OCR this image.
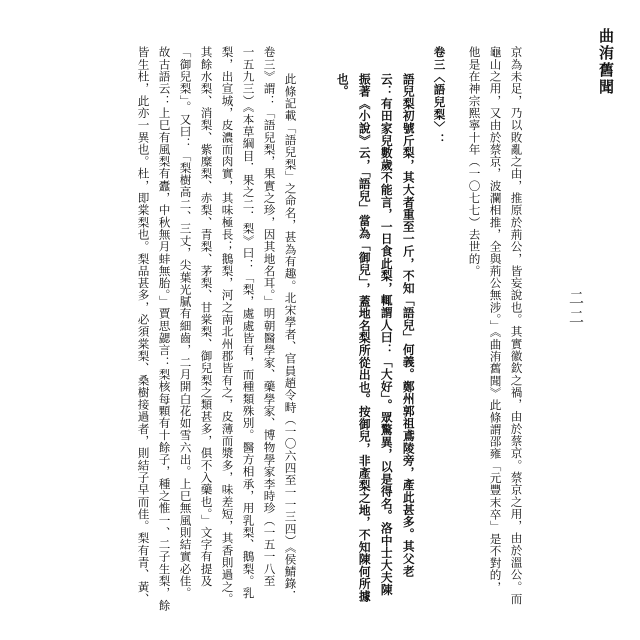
曲洧舊聞
二二
京為未足，乃以敗亂之由，推原於荊公，皆妄說也。其實徽欽之禍，由於蔡京。蔡京之用，由於溫公。而
龜山之用，又由於蔡京，波瀾相推，全與荊公無涉。」《曲洧舊聞》此條謂邵雍「元豐末卒」是不對的，
他是在神宗熙寧十年（一〇七七）去世的。
卷三〈語兒梨〉：
語兒梨初號斤梨，其大者重至一斤，不知「語兒」何義。鄭州郭祖鳶陵旁，產此甚多。其父老
云：有田家兒數歲不能言，一日食此梨，輒謂人曰：「大好」。眾驚異，以是得名。洛中士大夫陳
振著《小說》云，「語兒」當為「御兒」，蓋地名梨所從出也。按御兒，非產梨之地，不知陳何所據
也。
此條記載「語兒梨」之命名，甚為有趣。北宋學者、官員趙令畤（一〇六四至一一三四）《侯鯖錄．
卷三》謂：「語兒梨，果實之珍，因其地名耳。」明朝醫學家、藥學家、博物學家李時珍（一五一八至
一五九三）《本草綱目．果之二．梨》曰：「梨，處處皆有，而種類殊別。醫方相承，用乳梨、鵝梨。乳
梨，出宣城，皮濃而肉實，其味極長；鵝梨，河之南北州郡皆有之，皮薄而漿多，味差短，其香則過之。
其餘水梨、消梨、紫糜梨、赤梨、青梨、茅梨、甘棠梨、御兒梨之類甚多，俱不入藥也。」文字有提及
「御兒梨」。又曰：「梨樹高二、三丈，尖葉光膩有細齒，二月開白花如雪六出。上巳無風則結實必佳。
故古語云：上巳有風梨有蠹，中秋無月蚌無胎。」賈思勰言：梨核每顆有十餘子，種之惟一、二子生梨，餘
皆生杜，此亦一異也。杜，即棠梨也。梨品甚多，必須棠梨、桑樹接過者，則結子早而佳。梨有青、黃、
